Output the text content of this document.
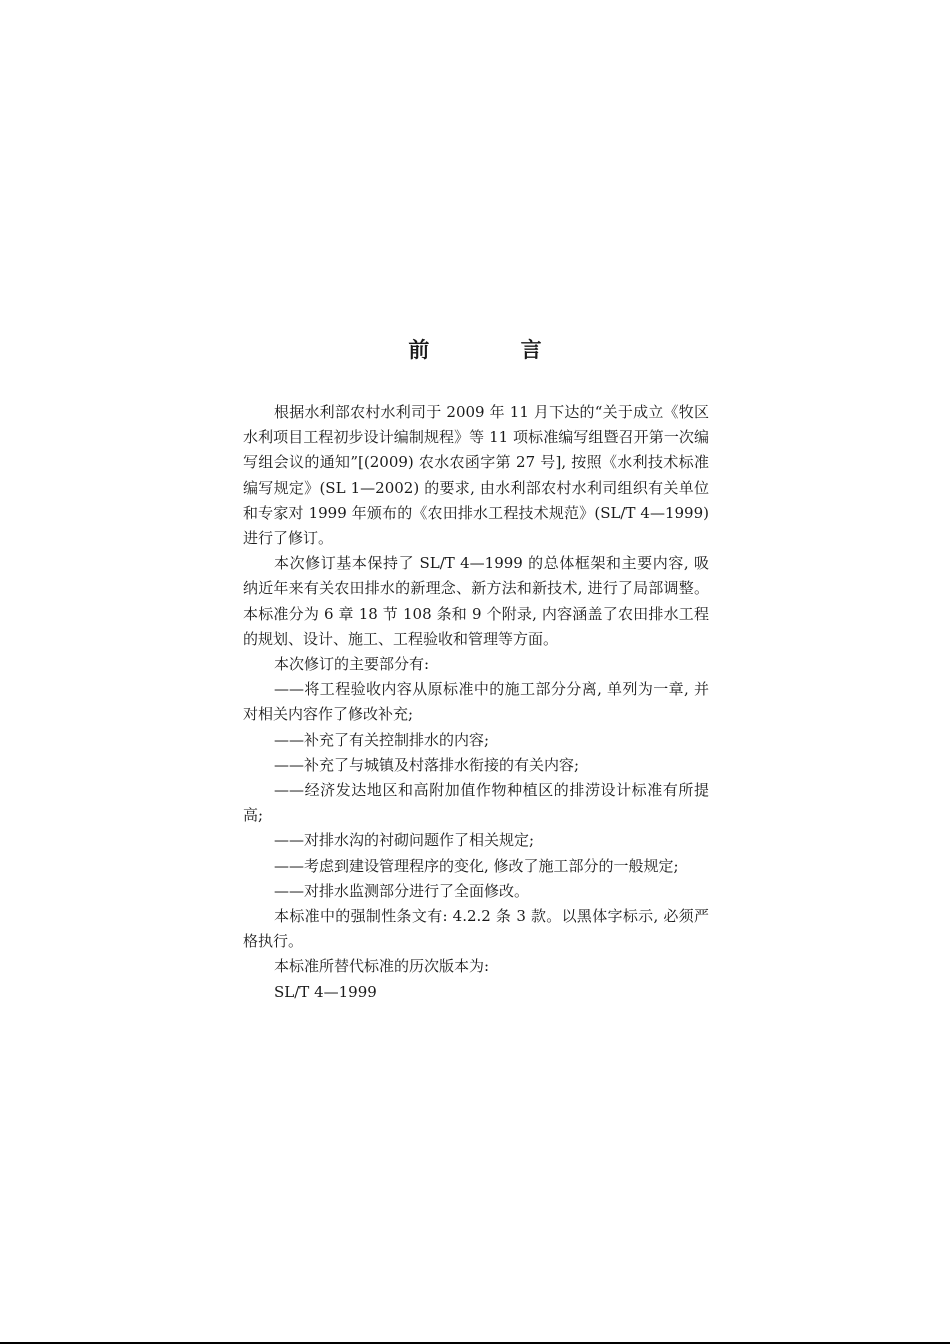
前 言

根据水利部农村水利司于 2009 年 11 月下达的“关于成立《牧区水利项目工程初步设计编制规程》等 11 项标准编写组暨召开第一次编写组会议的通知”[(2009) 农水农函字第 27 号], 按照《水利技术标准编写规定》(SL 1—2002) 的要求, 由水利部农村水利司组织有关单位和专家对 1999 年颁布的《农田排水工程技术规范》(SL/T 4—1999) 进行了修订。

本次修订基本保持了 SL/T 4—1999 的总体框架和主要内容, 吸纳近年来有关农田排水的新理念、新方法和新技术, 进行了局部调整。本标准分为 6 章 18 节 108 条和 9 个附录, 内容涵盖了农田排水工程的规划、设计、施工、工程验收和管理等方面。

本次修订的主要部分有:

——将工程验收内容从原标准中的施工部分分离, 单列为一章, 并对相关内容作了修改补充;

——补充了有关控制排水的内容;

——补充了与城镇及村落排水衔接的有关内容;

——经济发达地区和高附加值作物种植区的排涝设计标准有所提高;

——对排水沟的衬砌问题作了相关规定;

——考虑到建设管理程序的变化, 修改了施工部分的一般规定;

——对排水监测部分进行了全面修改。

本标准中的强制性条文有: 4.2.2 条 3 款。以黑体字标示, 必须严格执行。

本标准所替代标准的历次版本为:

SL/T 4—1999
